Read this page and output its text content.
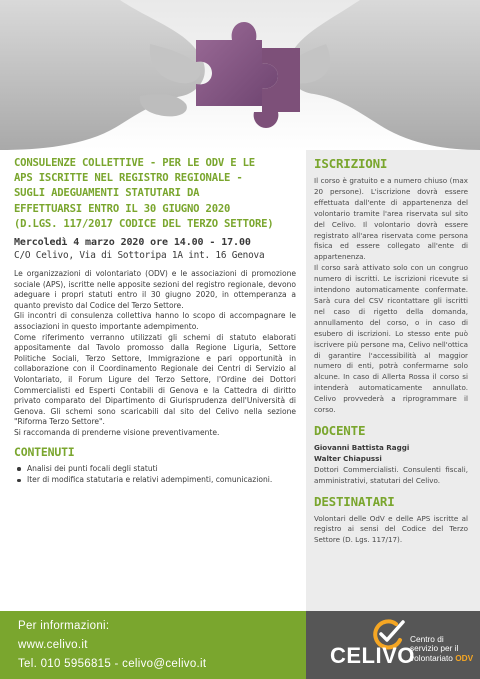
CONSULENZE COLLETTIVE - PER LE ODV E LE
APS ISCRITTE NEL REGISTRO REGIONALE -
SUGLI ADEGUAMENTI STATUTARI DA
EFFETTUARSI ENTRO IL 30 GIUGNO 2020
(D.LGS. 117/2017 CODICE DEL TERZO SETTORE)
Mercoledì 4 marzo 2020 ore 14.00 - 17.00
C/O Celivo, Via di Sottoripa 1A int. 16 Genova

Le organizzazioni di volontariato (ODV) e le associazioni di promozione sociale (APS), iscritte nelle apposite sezioni del registro regionale, devono adeguare i propri statuti entro il 30 giugno 2020, in ottemperanza a quanto previsto dal Codice del Terzo Settore.

Gli incontri di consulenza collettiva hanno lo scopo di accompagnare le associazioni in questo importante adempimento.

Come riferimento verranno utilizzati gli schemi di statuto elaborati appositamente dal Tavolo promosso dalla Regione Liguria, Settore Politiche Sociali, Terzo Settore, Immigrazione e pari opportunità in collaborazione con il Coordinamento Regionale dei Centri di Servizio al Volontariato, il Forum Ligure del Terzo Settore, l'Ordine dei Dottori Commercialisti ed Esperti Contabili di Genova e la Cattedra di diritto privato comparato del Dipartimento di Giurisprudenza dell'Università di Genova. Gli schemi sono scaricabili dal sito del Celivo nella sezione "Riforma Terzo Settore".

Si raccomanda di prenderne visione preventivamente.

CONTENUTI
Analisi dei punti focali degli statuti
Iter di modifica statutaria e relativi adempimenti, comunicazioni.
ISCRIZIONI

Il corso è gratuito e a numero chiuso (max 20 persone). L'iscrizione dovrà essere effettuata dall'ente di appartenenza del volontario tramite l'area riservata sul sito del Celivo. Il volontario dovrà essere registrato all'area riservata come persona fisica ed essere collegato all'ente di appartenenza.

Il corso sarà attivato solo con un congruo numero di iscritti. Le iscrizioni ricevute si intendono automaticamente confermate. Sarà cura del CSV ricontattare gli iscritti nel caso di rigetto della domanda, annullamento del corso, o in caso di esubero di iscrizioni. Lo stesso ente può iscrivere più persone ma, Celivo nell'ottica di garantire l'accessibilità al maggior numero di enti, potrà confermarne solo alcune. In caso di Allerta Rossa il corso si intenderà automaticamente annullato. Celivo provvederà a riprogrammare il corso.

DOCENTE
Giovanni Battista Raggi
Walter Chiapussi
Dottori Commercialisti. Consulenti fiscali, amministrativi, statutari del Celivo.
DESTINATARI
Volontari delle OdV e delle APS iscritte al registro ai sensi del Codice del Terzo Settore (D. Lgs. 117/17).
Per informazioni:
www.celivo.it
Tel. 010 5956815 - celivo@celivo.it	CELIVO
Centro di
servizio per il
volontariato ODV
